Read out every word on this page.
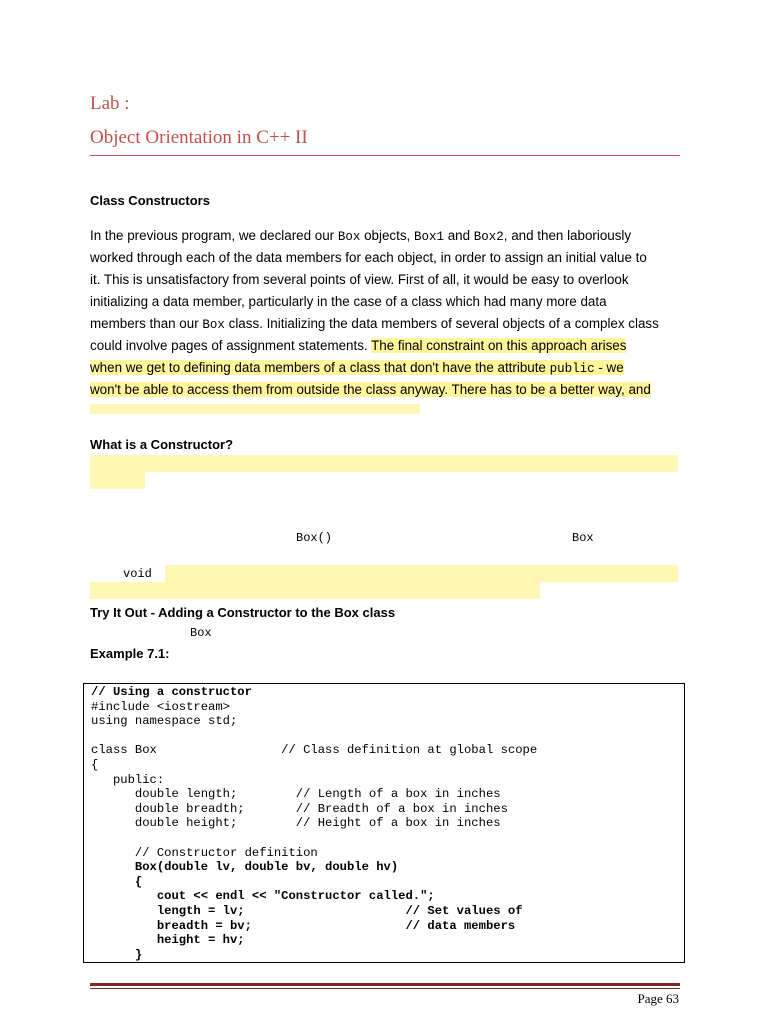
Lab :
Object Orientation in C++ II
Class Constructors
In the previous program, we declared our Box objects, Box1 and Box2, and then laboriously
worked through each of the data members for each object, in order to assign an initial value to
it. This is unsatisfactory from several points of view. First of all, it would be easy to overlook
initializing a data member, particularly in the case of a class which had many more data
members than our Box class. Initializing the data members of several objects of a complex class
could involve pages of assignment statements. The final constraint on this approach arises
when we get to defining data members of a class that don't have the attribute public - we
won't be able to access them from outside the class anyway. There has to be a better way, and
What is a Constructor?
Box()	Box
void
Try It Out - Adding a Constructor to the Box class
Box
Example 7.1:
// Using a constructor
#include <iostream>
using namespace std;
class Box                 // Class definition at global scope
{
public:
double length;        // Length of a box in inches
double breadth;       // Breadth of a box in inches
double height;        // Height of a box in inches
// Constructor definition
Box(double lv, double bv, double hv)
{
cout << endl << "Constructor called.";
length = lv;                      // Set values of
breadth = bv;                     // data members
height = hv;
}
Page 63
